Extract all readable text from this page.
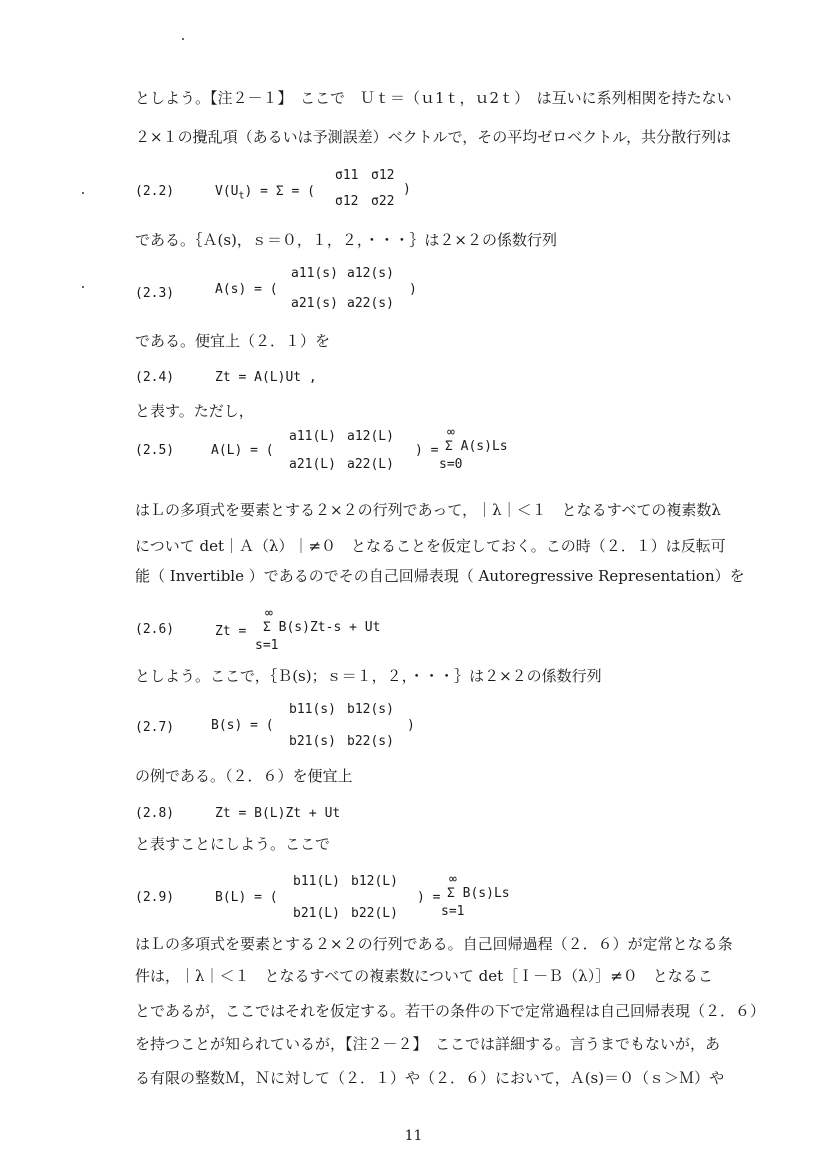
としよう。【注２－１】　ここで　Ｕｔ＝（ｕ1ｔ，ｕ2ｔ）　は互いに系列相関を持たない
２×１の攪乱項（あるいは予測誤差）ベクトルで，その平均ゼロベクトル，共分散行列は
(2.2)	$V(U_t) = \Sigma$ = (
σ11 σ12
σ12 σ22
)
である。｛Ａ(s)，ｓ＝０，１，２，・・・｝は２×２の係数行列
(2.3)	A(s) = (
a11(s) a12(s)
a21(s) a22(s)
)
である。便宜上（２．１）を
(2.4)	Zt = A(L)Ut ,
と表す。ただし，
(2.5)	A(L) = (
a11(L) a12(L)
a21(L) a22(L)
) =
∞
Σ A(s)Ls
s=0
はＬの多項式を要素とする２×２の行列であって，｜λ｜＜１　となるすべての複素数λ
について det｜Ａ（λ）｜≠０　となることを仮定しておく。この時（２．１）は反転可
能（ Invertible ）であるのでその自己回帰表現（ Autoregressive Representation）を
(2.6)	Zt =
∞
Σ B(s)Zt-s + Ut
s=1
としよう。ここで，｛Ｂ(s)；ｓ＝１，２，・・・｝は２×２の係数行列
(2.7)	B(s) = (
b11(s) b12(s)
b21(s) b22(s)
)
の例である。（２．６）を便宜上
(2.8)	Zt = B(L)Zt + Ut
と表すことにしよう。ここで
(2.9)	B(L) = (
b11(L) b12(L)
b21(L) b22(L)
) =
∞
Σ B(s)Ls
s=1
はＬの多項式を要素とする２×２の行列である。自己回帰過程（２．６）が定常となる条
件は，｜λ｜＜１　となるすべての複素数について det［Ｉ－Ｂ（λ）］≠０　となるこ
とであるが，ここではそれを仮定する。若干の条件の下で定常過程は自己回帰表現（２．６）
を持つことが知られているが，【注２－２】　ここでは詳細する。言うまでもないが，あ
る有限の整数Ｍ，Ｎに対して（２．１）や（２．６）において，Ａ(s)＝０（ｓ＞Ｍ）や
11
